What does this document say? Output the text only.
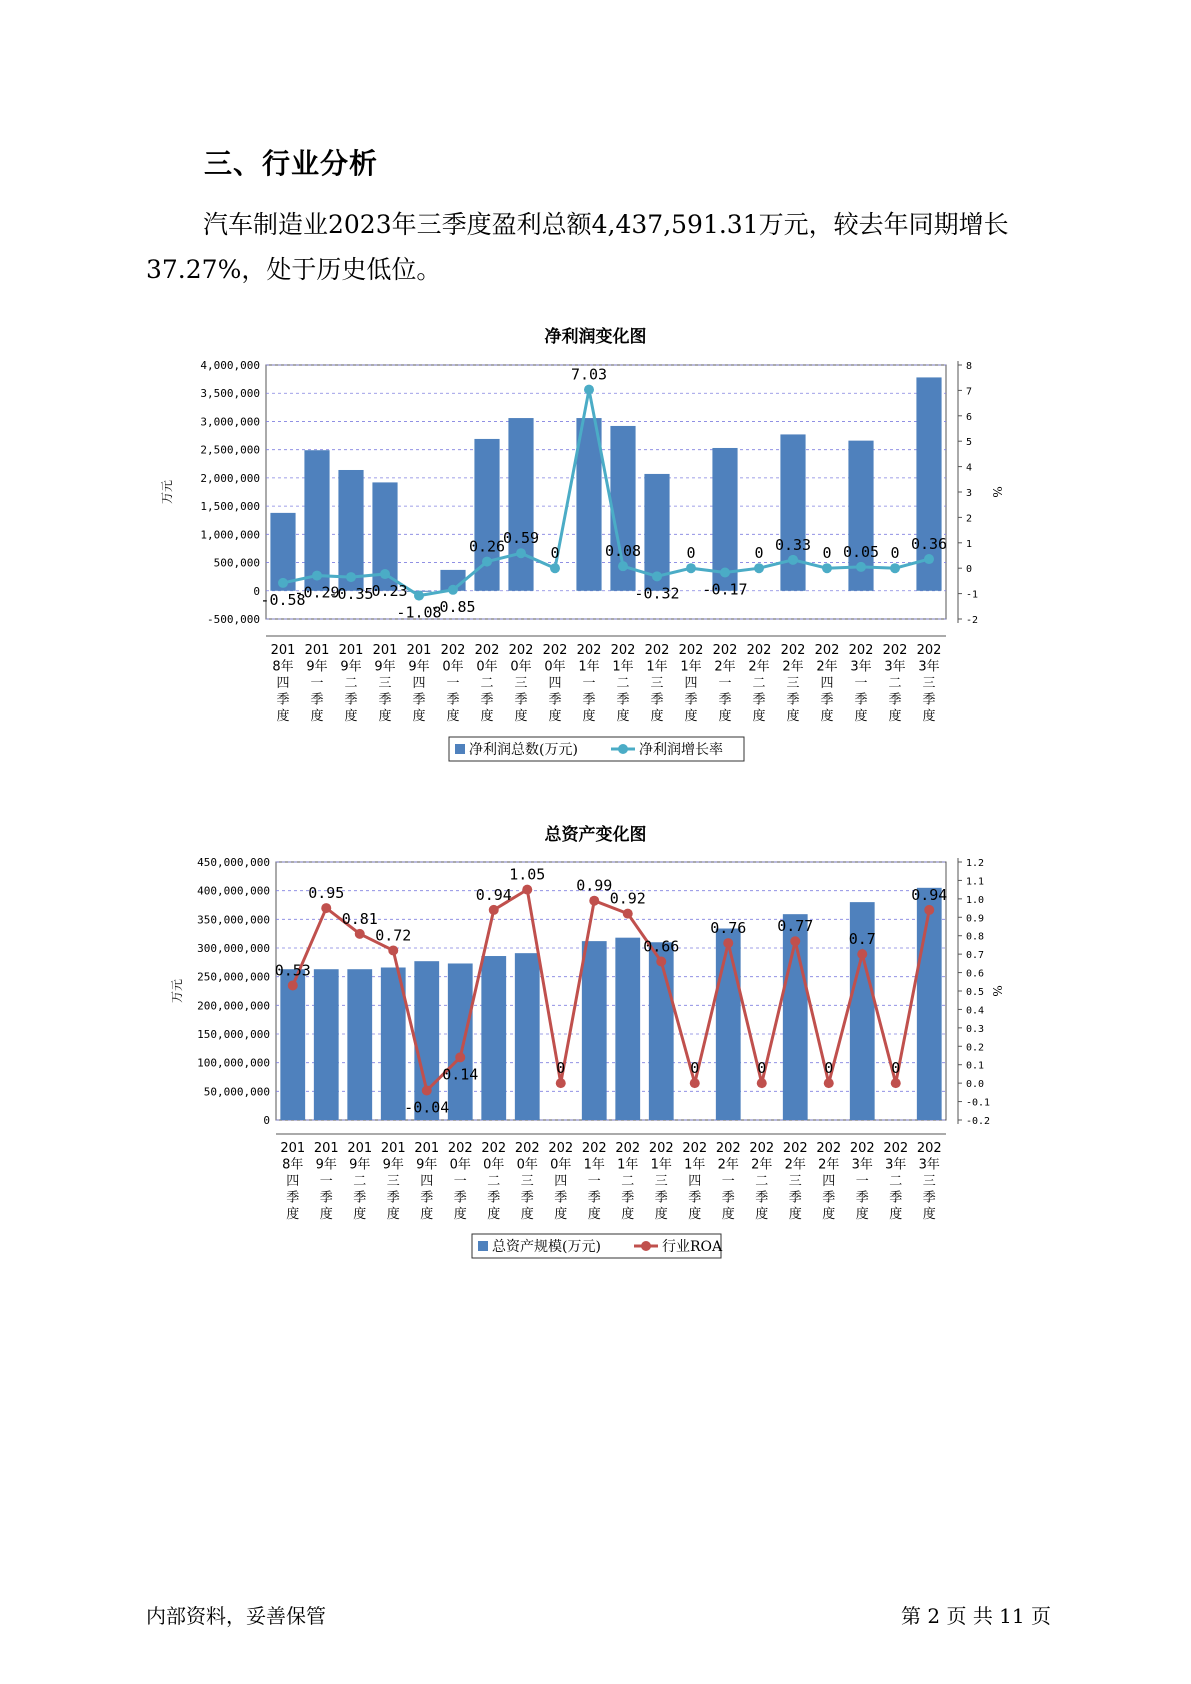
三、行业分析
汽车制造业2023年三季度盈利总额4,437,591.31万元，较去年同期增长37.27%，处于历史低位。
净利润变化图
-500,000
0
500,000
1,000,000
1,500,000
2,000,000
2,500,000
3,000,000
3,500,000
4,000,000
-2
-1
0
1
2
3
4
5
6
7
8
万元	%
201 8年四季度
201 9年一季度
201 9年二季度
201 9年三季度
201 9年四季度
202 0年一季度
202 0年二季度
202 0年三季度
202 0年四季度
202 1年一季度
202 1年二季度
202 1年三季度
202 1年四季度
202 2年一季度
202 2年二季度
202 2年三季度
202 2年四季度
202 3年一季度
202 3年二季度
202 3年三季度
-0.58
-0.29
-0.35
-0.23
-1.08
-0.85
0.26
0.59
0
7.03
0.08
-0.32
0
-0.17
0 0.33 0 0.05 0
0.36
净利润总数(万元)	净利润增长率
总资产变化图
0
50,000,000
100,000,000
150,000,000
200,000,000
250,000,000
300,000,000
350,000,000
400,000,000
450,000,000
-0.2
-0.1
0.0
0.1
0.2
0.3
0.4
0.5
0.6
0.7
0.8
0.9
1.0
1.1
1.2
万元	%
201 8年四季度
201 9年一季度
201 9年二季度
201 9年三季度
201 9年四季度
202 0年一季度
202 0年二季度
202 0年三季度
202 0年四季度
202 1年一季度
202 1年二季度
202 1年三季度
202 1年四季度
202 2年一季度
202 2年二季度
202 2年三季度
202 2年四季度
202 3年一季度
202 3年二季度
202 3年三季度
0.53
0.95
0.81
0.72
-0.04
0.14
0.94
1.05
0
0.99
0.92
0.66
0
0.76
0
0.77
0
0.7
0
0.94
总资产规模(万元)	行业ROA
内部资料，妥善保管	第 2 页 共 11 页
